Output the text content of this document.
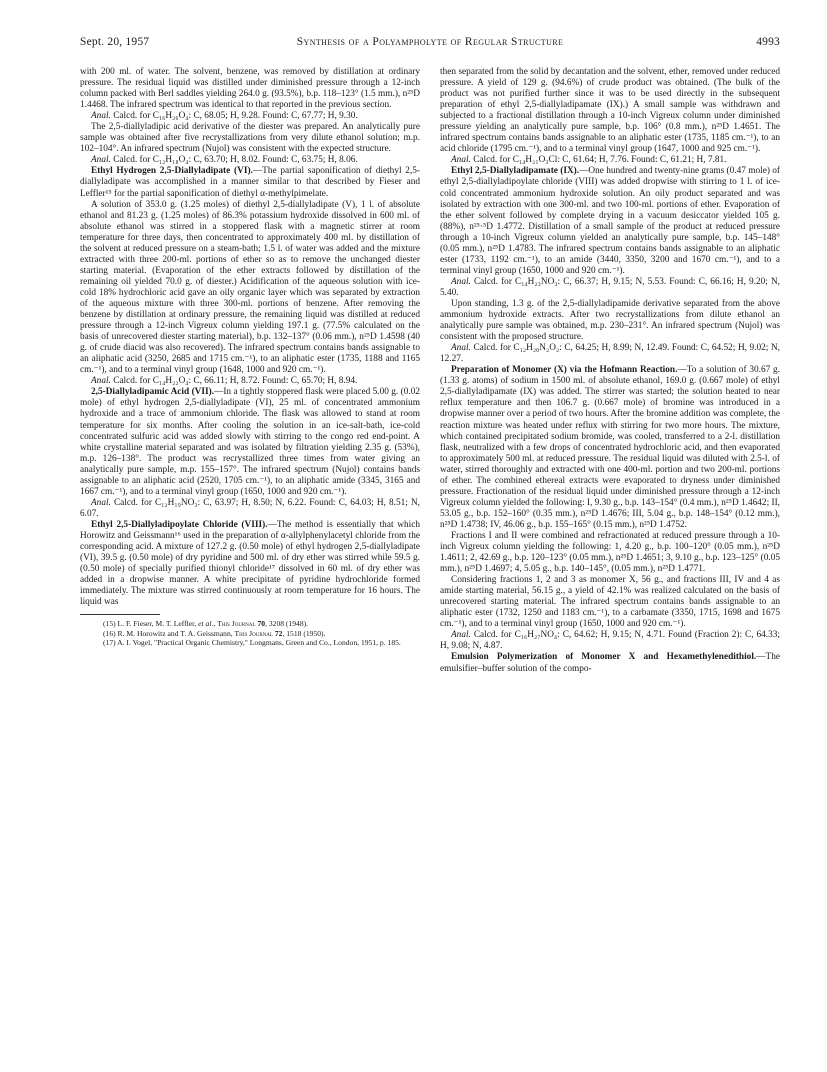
Sept. 20, 1957	Synthesis of a Polyampholyte of Regular Structure	4993

with 200 ml. of water. The solvent, benzene, was removed by distillation at ordinary pressure. The residual liquid was distilled under diminished pressure through a 12-inch column packed with Berl saddles yielding 264.0 g. (93.5%), b.p. 118–123° (1.5 mm.), n²⁵D 1.4468. The infrared spectrum was identical to that reported in the previous section.

Anal. Calcd. for C₁₆H₂₆O₄: C, 68.05; H, 9.28. Found: C, 67.77; H, 9.30.

The 2,5-diallyladipic acid derivative of the diester was prepared. An analytically pure sample was obtained after five recrystallizations from very dilute ethanol solution; m.p. 102–104°. An infrared spectrum (Nujol) was consistent with the expected structure.

Anal. Calcd. for C₁₂H₁₈O₄: C, 63.70; H, 8.02. Found: C, 63.75; H, 8.06.

Ethyl Hydrogen 2,5-Diallyladipate (VI).—The partial saponification of diethyl 2,5-diallyladipate was accomplished in a manner similar to that described by Fieser and Leffler¹⁵ for the partial saponification of diethyl α-methylpimelate.

A solution of 353.0 g. (1.25 moles) of diethyl 2,5-diallyladipate (V), 1 l. of absolute ethanol and 81.23 g. (1.25 moles) of 86.3% potassium hydroxide dissolved in 600 ml. of absolute ethanol was stirred in a stoppered flask with a magnetic stirrer at room temperature for three days, then concentrated to approximately 400 ml. by distillation of the solvent at reduced pressure on a steam-bath; 1.5 l. of water was added and the mixture extracted with three 200-ml. portions of ether so as to remove the unchanged diester starting material. (Evaporation of the ether extracts followed by distillation of the remaining oil yielded 70.0 g. of diester.) Acidification of the aqueous solution with ice-cold 18% hydrochloric acid gave an oily organic layer which was separated by extraction of the aqueous mixture with three 300-ml. portions of benzene. After removing the benzene by distillation at ordinary pressure, the remaining liquid was distilled at reduced pressure through a 12-inch Vigreux column yielding 197.1 g. (77.5% calculated on the basis of unrecovered diester starting material), b.p. 132–137° (0.06 mm.), n²⁵D 1.4598 (40 g. of crude diacid was also recovered). The infrared spectrum contains bands assignable to an aliphatic acid (3250, 2685 and 1715 cm.⁻¹), to an aliphatic ester (1735, 1188 and 1165 cm.⁻¹), and to a terminal vinyl group (1648, 1000 and 920 cm.⁻¹).

Anal. Calcd. for C₁₄H₂₂O₄: C, 66.11; H, 8.72. Found: C, 65.70; H, 8.94.

2,5-Diallyladipamic Acid (VII).—In a tightly stoppered flask were placed 5.00 g. (0.02 mole) of ethyl hydrogen 2,5-diallyladipate (VI), 25 ml. of concentrated ammonium hydroxide and a trace of ammonium chloride. The flask was allowed to stand at room temperature for six months. After cooling the solution in an ice-salt-bath, ice-cold concentrated sulfuric acid was added slowly with stirring to the congo red end-point. A white crystalline material separated and was isolated by filtration yielding 2.35 g. (53%), m.p. 126–138°. The product was recrystallized three times from water giving an analytically pure sample, m.p. 155–157°. The infrared spectrum (Nujol) contains bands assignable to an aliphatic acid (2520, 1705 cm.⁻¹), to an aliphatic amide (3345, 3165 and 1667 cm.⁻¹), and to a terminal vinyl group (1650, 1000 and 920 cm.⁻¹).

Anal. Calcd. for C₁₂H₁₉NO₃: C, 63.97; H, 8.50; N, 6.22. Found: C, 64.03; H, 8.51; N, 6.07.

Ethyl 2,5-Diallyladipoylate Chloride (VIII).—The method is essentially that which Horowitz and Geissmann¹⁶ used in the preparation of α-allylphenylacetyl chloride from the corresponding acid. A mixture of 127.2 g. (0.50 mole) of ethyl hydrogen 2,5-diallyladipate (VI), 39.5 g. (0.50 mole) of dry pyridine and 500 ml. of dry ether was stirred while 59.5 g. (0.50 mole) of specially purified thionyl chloride¹⁷ dissolved in 60 ml. of dry ether was added in a dropwise manner. A white precipitate of pyridine hydrochloride formed immediately. The mixture was stirred continuously at room temperature for 16 hours. The liquid was

(15) L. F. Fieser, M. T. Leffler, et al., This Journal 70, 3208 (1948).

(16) R. M. Horowitz and T. A. Geissmann, This Journal 72, 1518 (1950).

(17) A. I. Vogel, "Practical Organic Chemistry," Longmans, Green and Co., London, 1951, p. 185.

then separated from the solid by decantation and the solvent, ether, removed under reduced pressure. A yield of 129 g. (94.6%) of crude product was obtained. (The bulk of the product was not purified further since it was to be used directly in the subsequent preparation of ethyl 2,5-diallyladipamate (IX).) A small sample was withdrawn and subjected to a fractional distillation through a 10-inch Vigreux column under diminished pressure yielding an analytically pure sample, b.p. 106° (0.8 mm.), n²⁵D 1.4651. The infrared spectrum contains bands assignable to an aliphatic ester (1735, 1185 cm.⁻¹), to an acid chloride (1795 cm.⁻¹), and to a terminal vinyl group (1647, 1000 and 925 cm.⁻¹).

Anal. Calcd. for C₁₄H₂₁O₃Cl: C, 61.64; H, 7.76. Found: C, 61.21; H, 7.81.

Ethyl 2,5-Diallyladipamate (IX).—One hundred and twenty-nine grams (0.47 mole) of ethyl 2,5-diallyladipoylate chloride (VIII) was added dropwise with stirring to 1 l. of ice-cold concentrated ammonium hydroxide solution. An oily product separated and was isolated by extraction with one 300-ml. and two 100-ml. portions of ether. Evaporation of the ether solvent followed by complete drying in a vacuum desiccator yielded 105 g. (88%), n²⁵·⁵D 1.4772. Distillation of a small sample of the product at reduced pressure through a 10-inch Vigreux column yielded an analytically pure sample, b.p. 145–148° (0.05 mm.), n²⁵D 1.4783. The infrared spectrum contains bands assignable to an aliphatic ester (1733, 1192 cm.⁻¹), to an amide (3440, 3350, 3200 and 1670 cm.⁻¹), and to a terminal vinyl group (1650, 1000 and 920 cm.⁻¹).

Anal. Calcd. for C₁₄H₂₃NO₃: C, 66.37; H, 9.15; N, 5.53. Found: C, 66.16; H, 9.20; N, 5.40.

Upon standing, 1.3 g. of the 2,5-diallyladipamide derivative separated from the above ammonium hydroxide extracts. After two recrystallizations from dilute ethanol an analytically pure sample was obtained, m.p. 230–231°. An infrared spectrum (Nujol) was consistent with the proposed structure.

Anal. Calcd. for C₁₂H₂₀N₂O₂: C, 64.25; H, 8.99; N, 12.49. Found: C, 64.52; H, 9.02; N, 12.27.

Preparation of Monomer (X) via the Hofmann Reaction.—To a solution of 30.67 g. (1.33 g. atoms) of sodium in 1500 ml. of absolute ethanol, 169.0 g. (0.667 mole) of ethyl 2,5-diallyladipamate (IX) was added. The stirrer was started; the solution heated to near reflux temperature and then 106.7 g. (0.667 mole) of bromine was introduced in a dropwise manner over a period of two hours. After the bromine addition was complete, the reaction mixture was heated under reflux with stirring for two more hours. The mixture, which contained precipitated sodium bromide, was cooled, transferred to a 2-l. distillation flask, neutralized with a few drops of concentrated hydrochloric acid, and then evaporated to approximately 500 ml. at reduced pressure. The residual liquid was diluted with 2.5-l. of water, stirred thoroughly and extracted with one 400-ml. portion and two 200-ml. portions of ether. The combined ethereal extracts were evaporated to dryness under diminished pressure. Fractionation of the residual liquid under diminished pressure through a 12-inch Vigreux column yielded the following: I, 9.30 g., b.p. 143–154° (0.4 mm.), n²⁵D 1.4642; II, 53.05 g., b.p. 152–160° (0.35 mm.), n²⁵D 1.4676; III, 5.04 g., b.p. 148–154° (0.12 mm.), n²⁵D 1.4738; IV, 46.06 g., b.p. 155–165° (0.15 mm.), n²⁵D 1.4752.

Fractions I and II were combined and refractionated at reduced pressure through a 10-inch Vigreux column yielding the following: 1, 4.20 g., b.p. 100–120° (0.05 mm.), n²⁵D 1.4611; 2, 42.69 g., b.p. 120–123° (0.05 mm.), n²⁵D 1.4651; 3, 9.10 g., b.p. 123–125° (0.05 mm.), n²⁵D 1.4697; 4, 5.05 g., b.p. 140–145°, (0.05 mm.), n²⁵D 1.4771.

Considering fractions 1, 2 and 3 as monomer X, 56 g., and fractions III, IV and 4 as amide starting material, 56.15 g., a yield of 42.1% was realized calculated on the basis of unrecovered starting material. The infrared spectrum contains bands assignable to an aliphatic ester (1732, 1250 and 1183 cm.⁻¹), to a carbamate (3350, 1715, 1698 and 1675 cm.⁻¹), and to a terminal vinyl group (1650, 1000 and 920 cm.⁻¹).

Anal. Calcd. for C₁₆H₂₇NO₄: C, 64.62; H, 9.15; N, 4.71. Found (Fraction 2): C, 64.33; H, 9.08; N, 4.87.

Emulsion Polymerization of Monomer X and Hexamethylenedithiol.—The emulsifier–buffer solution of the compo-
